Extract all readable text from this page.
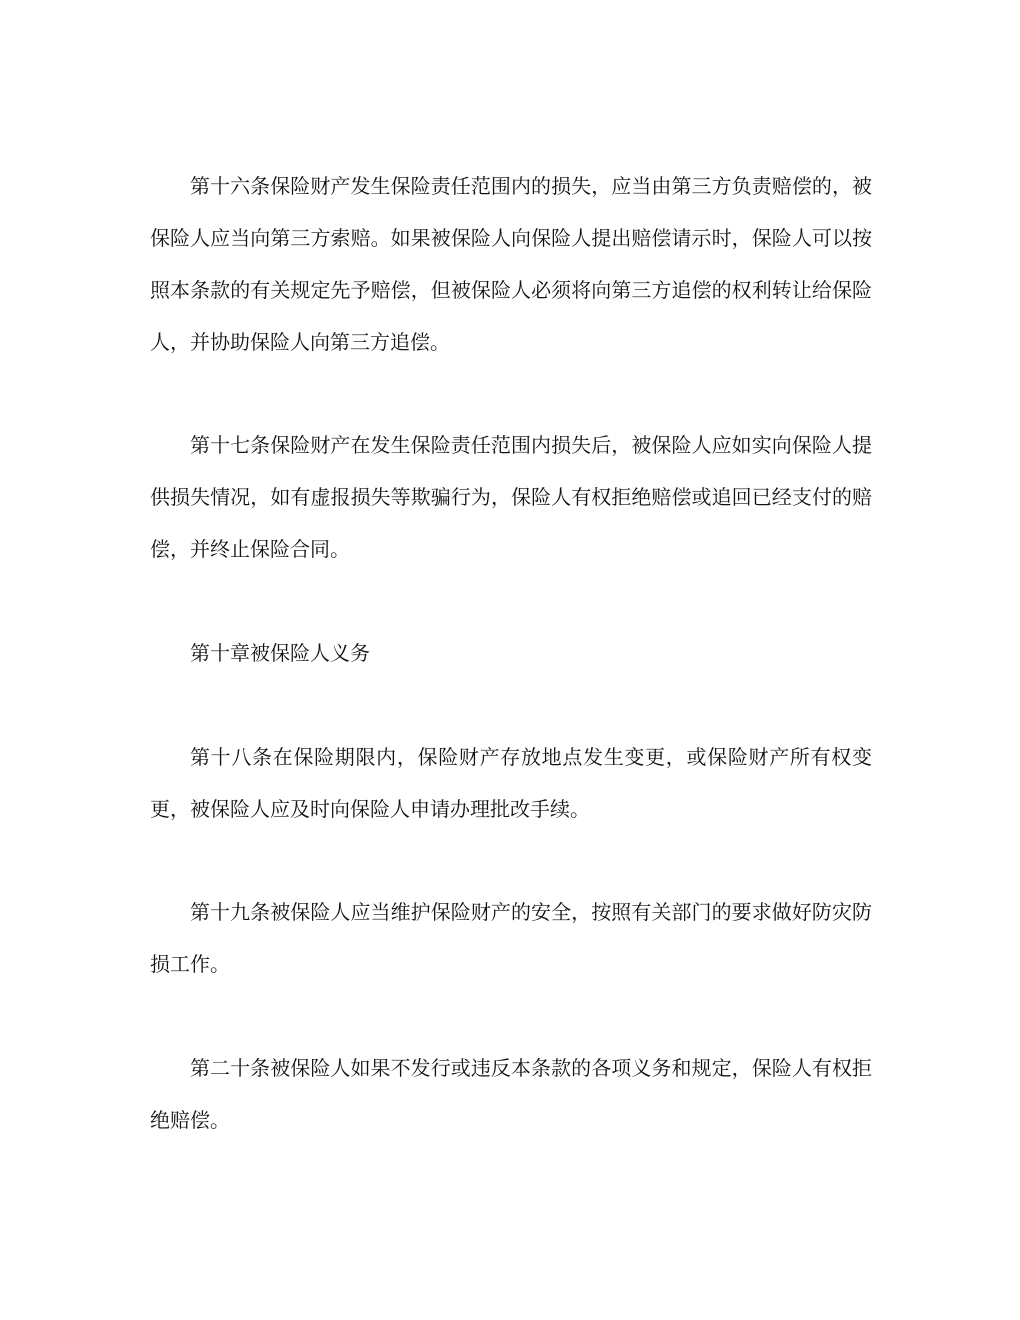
第十六条保险财产发生保险责任范围内的损失，应当由第三方负责赔偿的，被保险人应当向第三方索赔。如果被保险人向保险人提出赔偿请示时，保险人可以按照本条款的有关规定先予赔偿，但被保险人必须将向第三方追偿的权利转让给保险人，并协助保险人向第三方追偿。

第十七条保险财产在发生保险责任范围内损失后，被保险人应如实向保险人提供损失情况，如有虚报损失等欺骗行为，保险人有权拒绝赔偿或追回已经支付的赔偿，并终止保险合同。

第十章被保险人义务

第十八条在保险期限内，保险财产存放地点发生变更，或保险财产所有权变更，被保险人应及时向保险人申请办理批改手续。

第十九条被保险人应当维护保险财产的安全，按照有关部门的要求做好防灾防损工作。

第二十条被保险人如果不发行或违反本条款的各项义务和规定，保险人有权拒绝赔偿。
